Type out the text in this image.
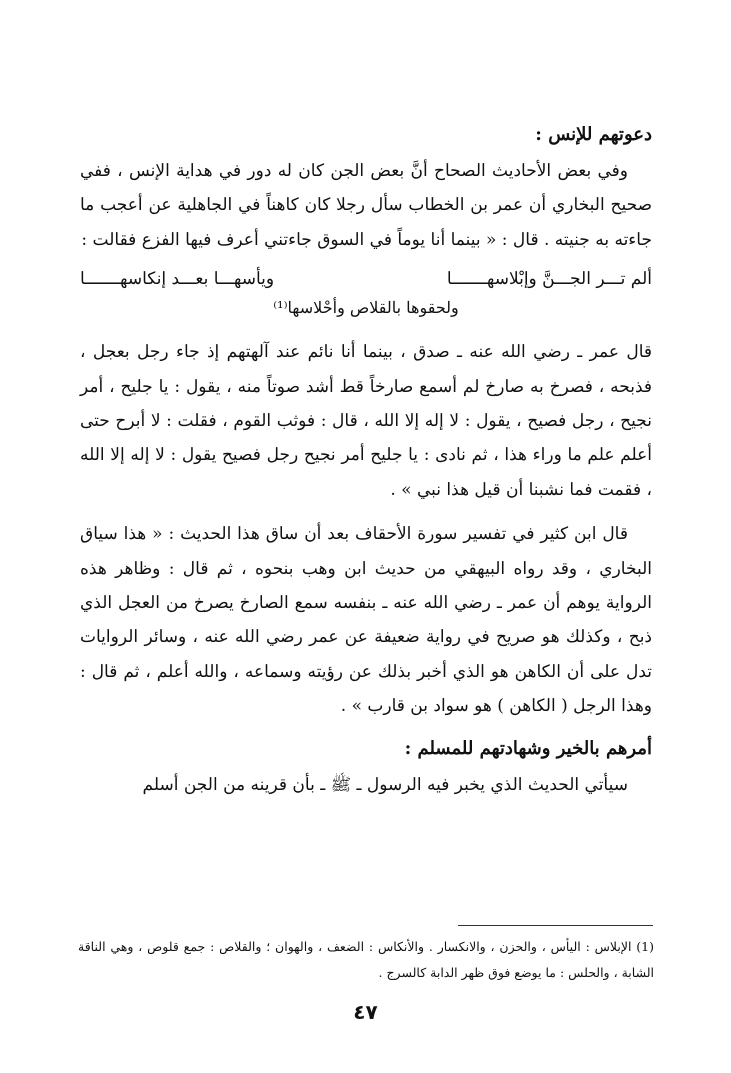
دعوتهم للإنس :

وفي بعض الأحاديث الصحاح أنَّ بعض الجن كان له دور في هداية الإنس ، ففي صحيح البخاري أن عمر بن الخطاب سأل رجلا كان كاهناً في الجاهلية عن أعجب ما جاءته به جنيته . قال : « بينما أنا يوماً في السوق جاءتني أعرف فيها الفزع فقالت :

ألم تـــر الجـــنَّ وإبْلاسهـــــــا
ويأسهـــا بعـــد إنكاسهـــــــا
ولحقوها بالقلاص وأحْلاسها⁽¹⁾

قال عمر ـ رضي الله عنه ـ صدق ، بينما أنا نائم عند آلهتهم إذ جاء رجل بعجل ، فذبحه ، فصرخ به صارخ لم أسمع صارخاً قط أشد صوتاً منه ، يقول : يا جليح ، أمر نجيح ، رجل فصيح ، يقول : لا إله إلا الله ، قال : فوثب القوم ، فقلت : لا أبرح حتى أعلم علم ما وراء هذا ، ثم نادى : يا جليح أمر نجيح رجل فصيح يقول : لا إله إلا الله ، فقمت فما نشبنا أن قيل هذا نبي » .

قال ابن كثير في تفسير سورة الأحقاف بعد أن ساق هذا الحديث : « هذا سياق البخاري ، وقد رواه البيهقي من حديث ابن وهب بنحوه ، ثم قال : وظاهر هذه الرواية يوهم أن عمر ـ رضي الله عنه ـ بنفسه سمع الصارخ يصرخ من العجل الذي ذبح ، وكذلك هو صريح في رواية ضعيفة عن عمر رضي الله عنه ، وسائر الروايات تدل على أن الكاهن هو الذي أخبر بذلك عن رؤيته وسماعه ، والله أعلم ، ثم قال : وهذا الرجل ( الكاهن ) هو سواد بن قارب » .

أمرهم بالخير وشهادتهم للمسلم :

سيأتي الحديث الذي يخبر فيه الرسول ـ ﷺ ـ بأن قرينه من الجن أسلم

(1) الإبلاس : اليأس ، والحزن ، والانكسار . والأنكاس : الضعف ، والهوان ؛ والقلاص : جمع قلوص ، وهي الناقة الشابة ، والحلس : ما يوضع فوق ظهر الدابة كالسرج .
٤٧
